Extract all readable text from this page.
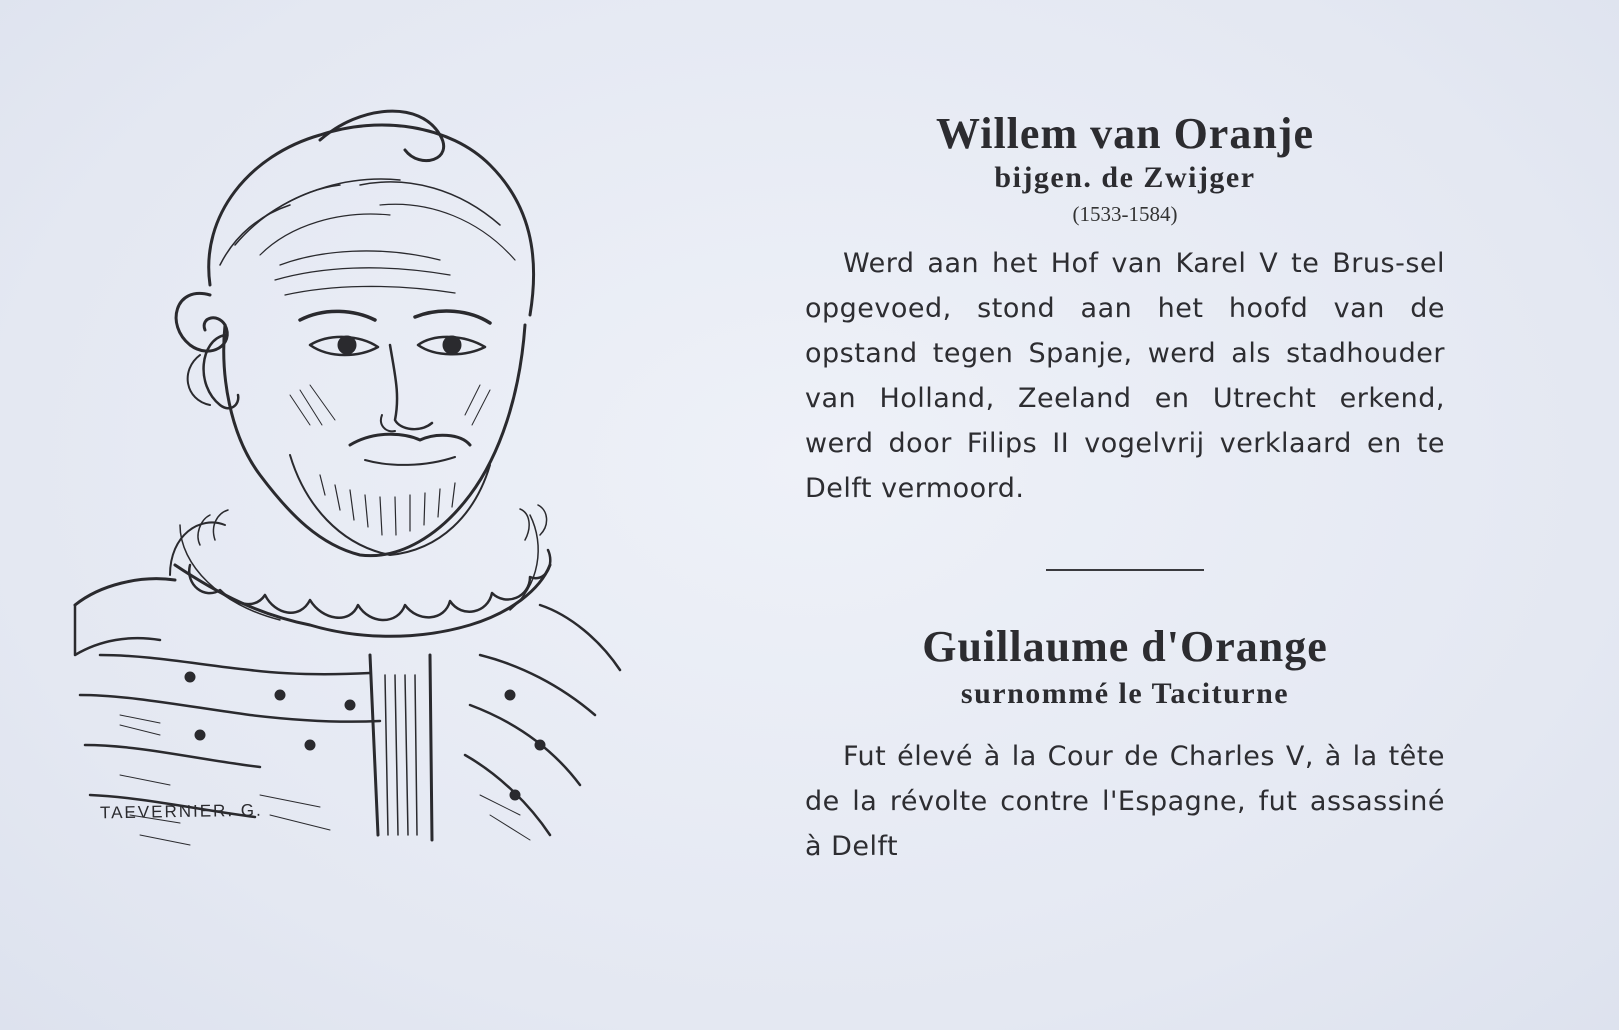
TAEVERNIER. G.
Willem van Oranje
bijgen. de Zwijger

(1533-1584)

Werd aan het Hof van Karel V te Brus-sel opgevoed, stond aan het hoofd van de opstand tegen Spanje, werd als stadhouder van Holland, Zeeland en Utrecht erkend, werd door Filips II vogelvrij verklaard en te Delft vermoord.

Guillaume d'Orange
surnommé le Taciturne

Fut élevé à la Cour de Charles V, à la tête de la révolte contre l'Espagne, fut assassiné à Delft
